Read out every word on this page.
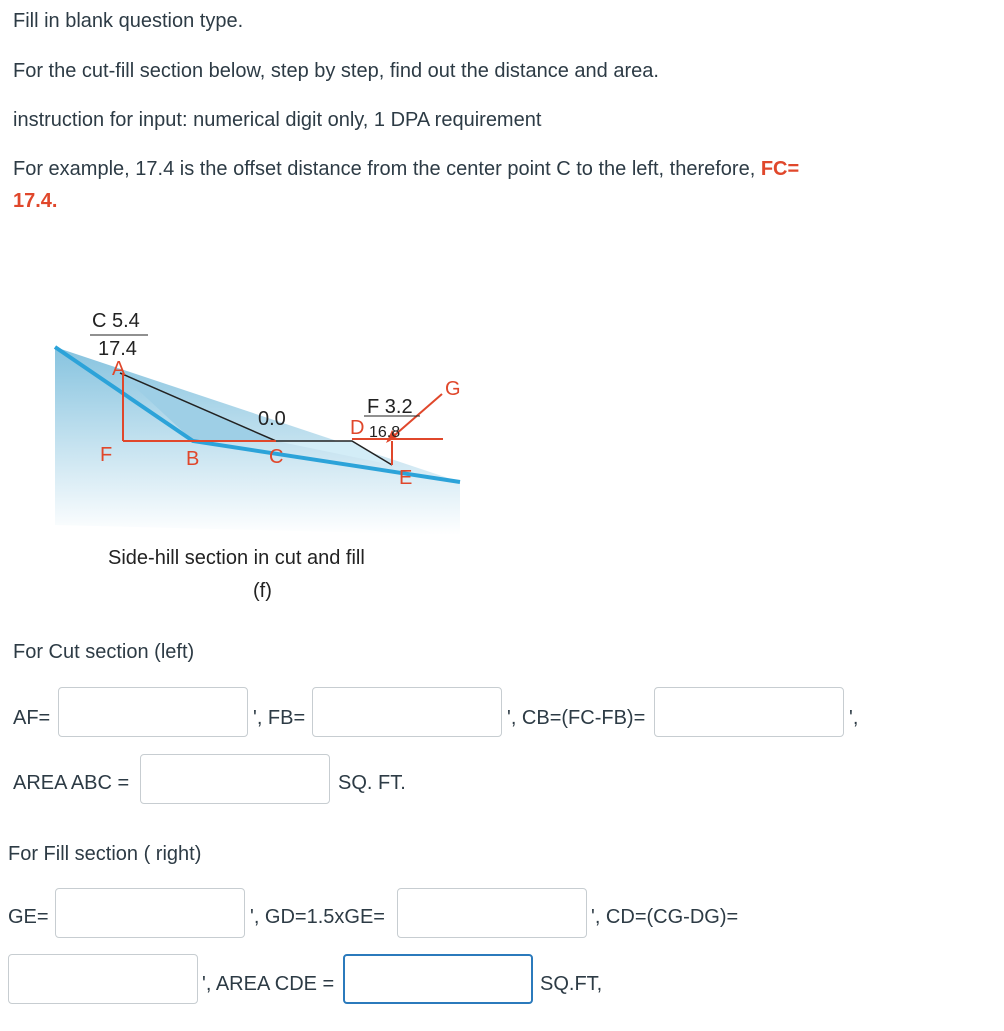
Fill in blank question type.
For the cut-fill section below, step by step, find out the distance and area.
instruction for input: numerical digit only, 1 DPA requirement
For example, 17.4 is the offset distance from the center point C to the left, therefore, FC=
17.4.
C 5.4
17.4
A
0.0
F 3.2
D 16.8
G
F	B	C
E
Side-hill section in cut and fill
(f)
For Cut section (left)
AF=	', FB=	', CB=(FC-FB)=	',
AREA ABC =	SQ. FT.
For Fill section ( right)
GE=	', GD=1.5xGE=	', CD=(CG-DG)=
', AREA CDE =	SQ.FT,
